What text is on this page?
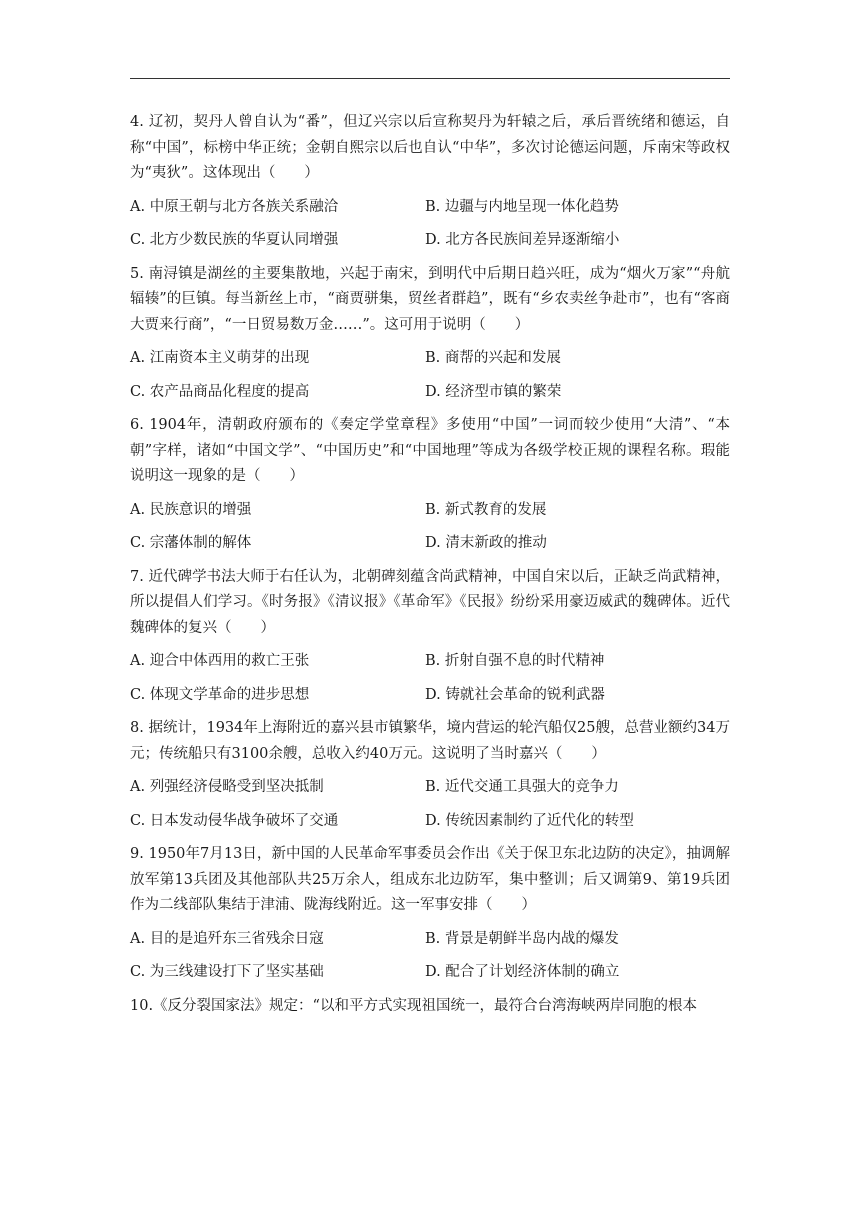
4. 辽初，契丹人曾自认为“番”，但辽兴宗以后宣称契丹为轩辕之后，承后晋统绪和德运，自称“中国”，标榜中华正统；金朝自熙宗以后也自认“中华”，多次讨论德运问题，斥南宋等政权为“夷狄”。这体现出（　　）

A. 中原王朝与北方各族关系融洽	B. 边疆与内地呈现一体化趋势
C. 北方少数民族的华夏认同增强	D. 北方各民族间差异逐渐缩小

5. 南浔镇是湖丝的主要集散地，兴起于南宋，到明代中后期日趋兴旺，成为“烟火万家”“舟航辐辏”的巨镇。每当新丝上市，“商贾骈集，贸丝者群趋”，既有“乡农卖丝争赴市”，也有“客商大贾来行商”，“一日贸易数万金……”。这可用于说明（　　）

A. 江南资本主义萌芽的出现	B. 商帮的兴起和发展
C. 农产品商品化程度的提高	D. 经济型市镇的繁荣

6. 1904年，清朝政府颁布的《奏定学堂章程》多使用“中国”一词而较少使用“大清”、“本朝”字样，诸如“中国文学”、“中国历史”和“中国地理”等成为各级学校正规的课程名称。瑕能说明这一现象的是（　　）

A. 民族意识的增强	B. 新式教育的发展
C. 宗藩体制的解体	D. 清末新政的推动

7. 近代碑学书法大师于右任认为，北朝碑刻蕴含尚武精神，中国自宋以后，正缺乏尚武精神，所以提倡人们学习。《时务报》《清议报》《革命军》《民报》纷纷采用豪迈威武的魏碑体。近代魏碑体的复兴（　　）

A. 迎合中体西用的救亡王张	B. 折射自强不息的时代精神
C. 体现文学革命的进步思想	D. 铸就社会革命的锐利武器

8. 据统计，1934年上海附近的嘉兴县市镇繁华，境内营运的轮汽船仅25艘，总营业额约34万元；传统船只有3100余艘，总收入约40万元。这说明了当时嘉兴（　　）

A. 列强经济侵略受到坚决抵制	B. 近代交通工具强大的竞争力
C. 日本发动侵华战争破坏了交通	D. 传统因素制约了近代化的转型

9. 1950年7月13日，新中国的人民革命军事委员会作出《关于保卫东北边防的决定》，抽调解放军第13兵团及其他部队共25万余人，组成东北边防军，集中整训；后又调第9、第19兵团作为二线部队集结于津浦、陇海线附近。这一军事安排（　　）

A. 目的是追歼东三省残余日寇	B. 背景是朝鲜半岛内战的爆发
C. 为三线建设打下了坚实基础	D. 配合了计划经济体制的确立

10.《反分裂国家法》规定：“以和平方式实现祖国统一，最符合台湾海峡两岸同胞的根本
